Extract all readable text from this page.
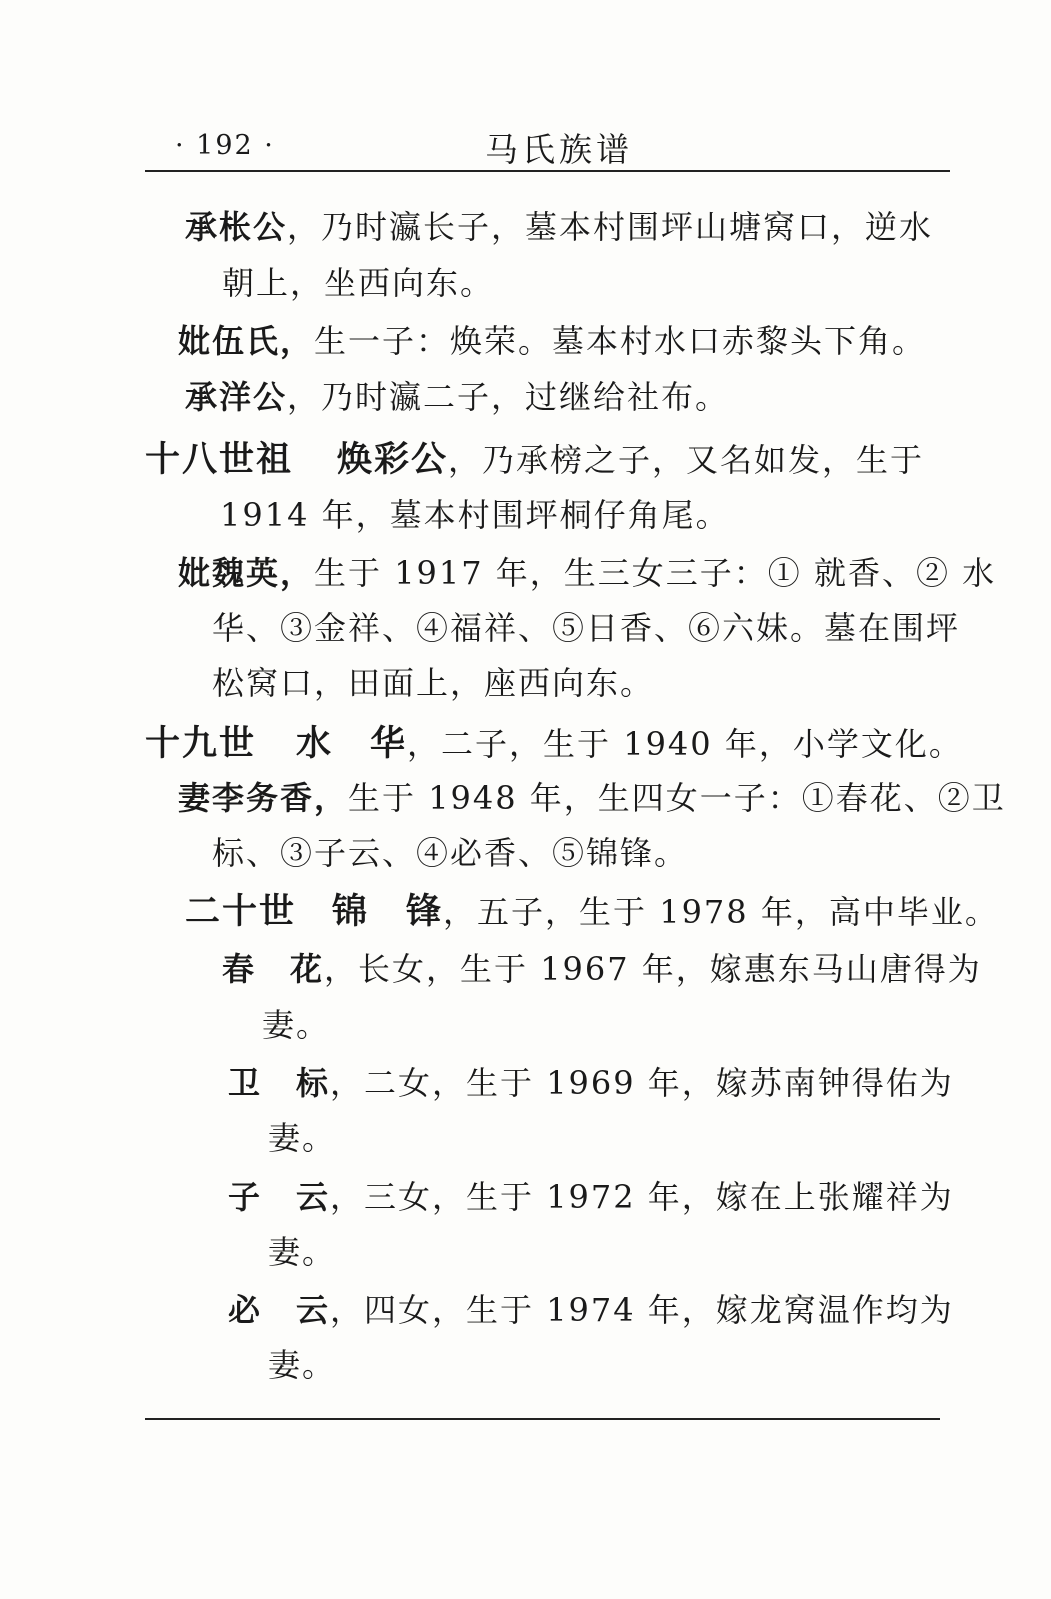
· 192 ·	马氏族谱
承枨公，乃时瀛长子，墓本村围坪山塘窝口，逆水
朝上，坐西向东。
妣伍氏，生一子：焕荣。墓本村水口赤黎头下角。
承洋公，乃时瀛二子，过继给社布。
十八世祖 焕彩公，乃承榜之子，又名如发，生于
1914 年，墓本村围坪桐仔角尾。
妣魏英，生于 1917 年，生三女三子：① 就香、② 水
华、③金祥、④福祥、⑤日香、⑥六妹。墓在围坪
松窝口，田面上，座西向东。
十九世 水　华，二子，生于 1940 年，小学文化。
妻李务香，生于 1948 年，生四女一子：①春花、②卫
标、③子云、④必香、⑤锦锋。
二十世 锦　锋，五子，生于 1978 年，高中毕业。
春　花，长女，生于 1967 年，嫁惠东马山唐得为
妻。
卫　标，二女，生于 1969 年，嫁苏南钟得佑为
妻。
子　云，三女，生于 1972 年，嫁在上张耀祥为
妻。
必　云，四女，生于 1974 年，嫁龙窝温作均为
妻。
